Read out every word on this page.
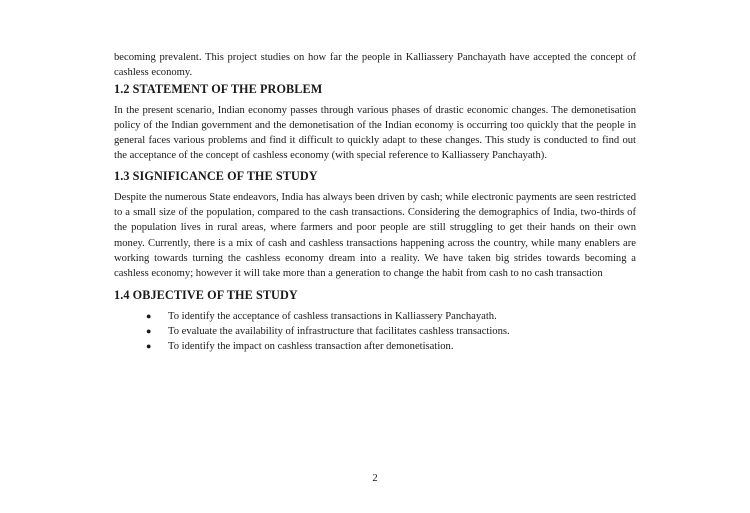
becoming prevalent. This project studies on how far the people in Kalliassery Panchayath have accepted the concept of cashless economy.

1.2 STATEMENT OF THE PROBLEM

In the present scenario, Indian economy passes through various phases of drastic economic changes. The demonetisation policy of the Indian government and the demonetisation of the Indian economy is occurring too quickly that the people in general faces various problems and find it difficult to quickly adapt to these changes. This study is conducted to find out the acceptance of the concept of cashless economy (with special reference to Kalliassery Panchayath).

1.3 SIGNIFICANCE OF THE STUDY

Despite the numerous State endeavors, India has always been driven by cash; while electronic payments are seen restricted to a small size of the population, compared to the cash transactions. Considering the demographics of India, two-thirds of the population lives in rural areas, where farmers and poor people are still struggling to get their hands on their own money. Currently, there is a mix of cash and cashless transactions happening across the country, while many enablers are working towards turning the cashless economy dream into a reality. We have taken big strides towards becoming a cashless economy; however it will take more than a generation to change the habit from cash to no cash transaction

1.4 OBJECTIVE OF THE STUDY
● To identify the acceptance of cashless transactions in Kalliassery Panchayath.
● To evaluate the availability of infrastructure that facilitates cashless transactions.
● To identify the impact on cashless transaction after demonetisation.
2
